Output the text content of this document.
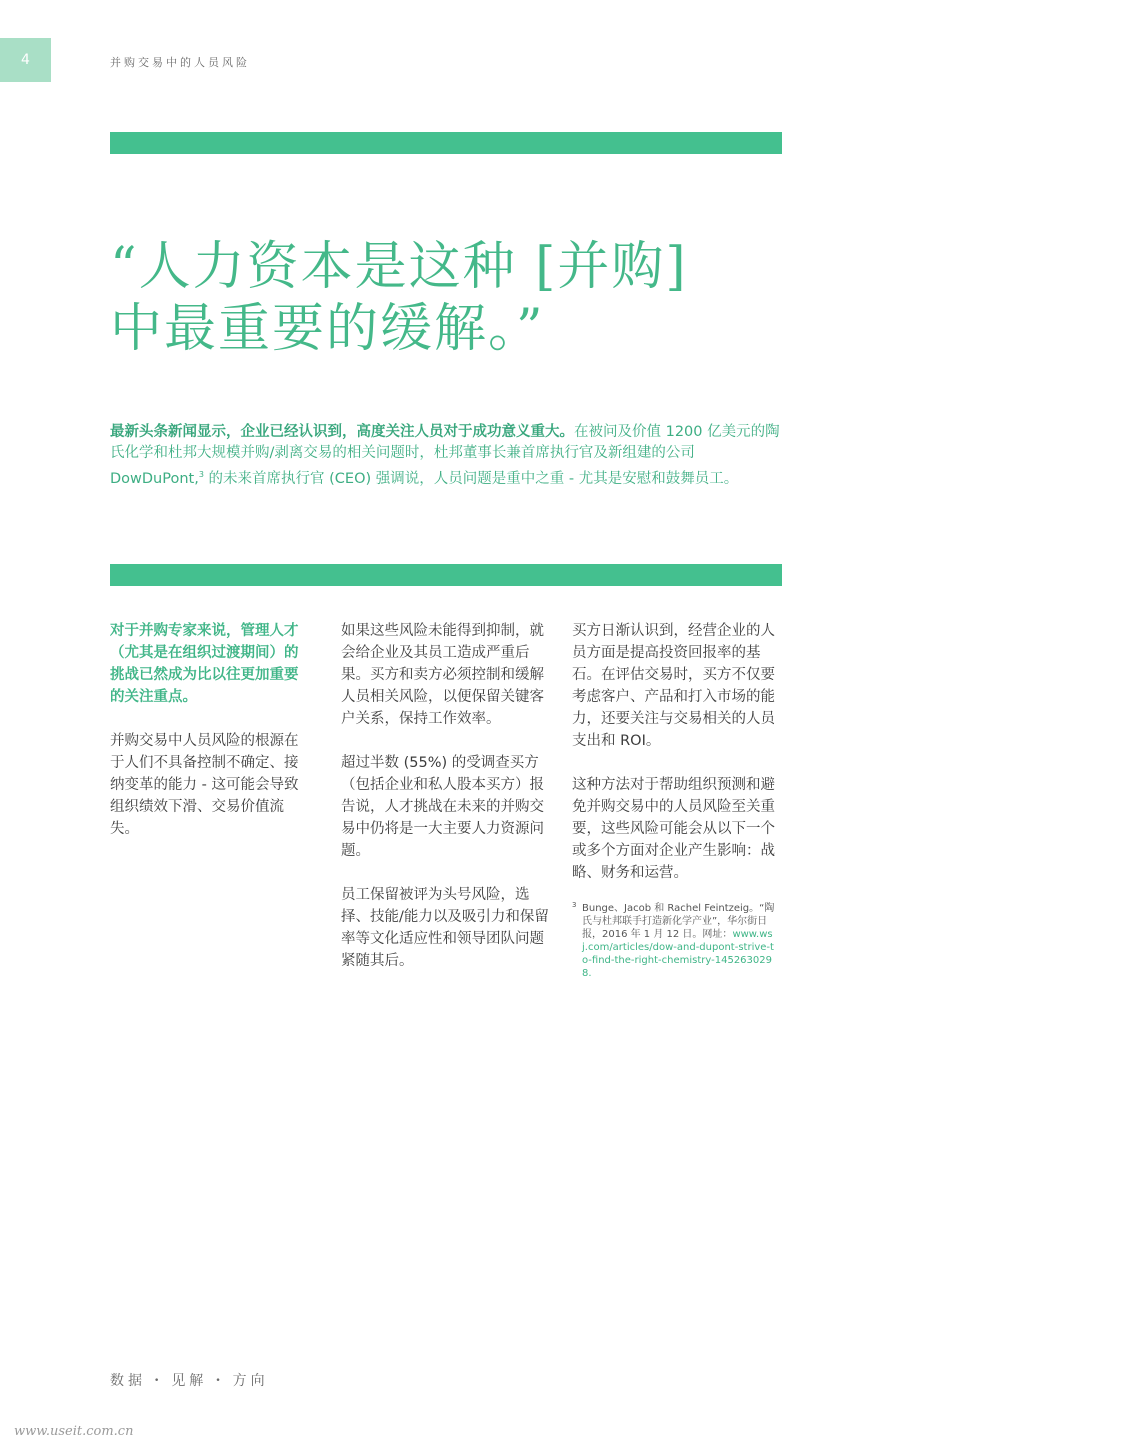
4	并购交易中的人员风险
“人力资本是这种 [并购]
中最重要的缓解。”

最新头条新闻显示，企业已经认识到，高度关注人员对于成功意义重大。在被问及价值 1200 亿美元的陶氏化学和杜邦大规模并购/剥离交易的相关问题时，杜邦董事长兼首席执行官及新组建的公司 DowDuPont,$^3$ 的未来首席执行官 (CEO) 强调说，人员问题是重中之重 - 尤其是安慰和鼓舞员工。

对于并购专家来说，管理人才（尤其是在组织过渡期间）的挑战已然成为比以往更加重要的关注重点。

并购交易中人员风险的根源在于人们不具备控制不确定、接纳变革的能力 - 这可能会导致组织绩效下滑、交易价值流失。

如果这些风险未能得到抑制，就会给企业及其员工造成严重后果。买方和卖方必须控制和缓解人员相关风险，以便保留关键客户关系，保持工作效率。

超过半数 (55%) 的受调查买方（包括企业和私人股本买方）报告说，人才挑战在未来的并购交易中仍将是一大主要人力资源问题。

员工保留被评为头号风险，选择、技能/能力以及吸引力和保留率等文化适应性和领导团队问题紧随其后。

买方日渐认识到，经营企业的人员方面是提高投资回报率的基石。在评估交易时，买方不仅要考虑客户、产品和打入市场的能力，还要关注与交易相关的人员支出和 ROI。

这种方法对于帮助组织预测和避免并购交易中的人员风险至关重要，这些风险可能会从以下一个或多个方面对企业产生影响：战略、财务和运营。

3 Bunge、Jacob 和 Rachel Feintzeig。“陶氏与杜邦联手打造新化学产业”，华尔街日报，2016 年 1 月 12 日。网址：www.wsj.com/articles/dow-and-dupont-strive-to-find-the-right-chemistry-1452630298.
数据 • 见解 • 方向
www.useit.com.cn
